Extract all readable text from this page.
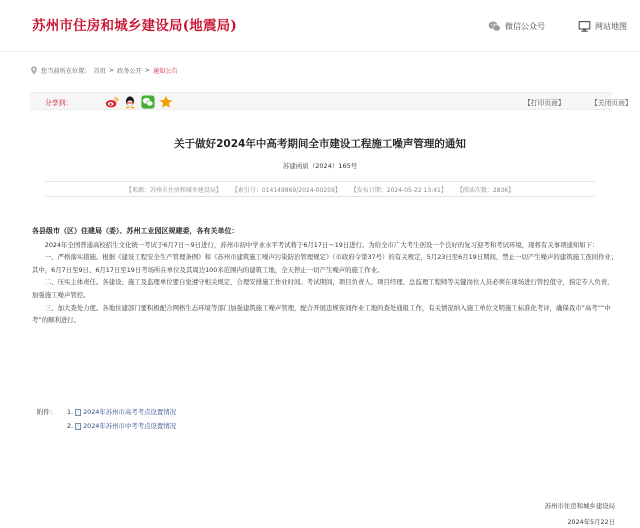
苏州市住房和城乡建设局(地震局)	微信公众号	网站地图
您当前所在位置： 首页 > 政务公开 > 通知公告
分享到：	【打印页面】	【关闭页面】
关于做好2024年中高考期间全市建设工程施工噪声管理的通知
苏建函质（2024）165号
【来源：苏州市住房和城乡建设局】 【索引号：014149869/2024-00259】 【发布日期：2024-05-22 13:41】 【阅读次数：2836】
各县级市（区）住建局（委）、苏州工业园区规建委，各有关单位：

2024年全国普通高校招生文化统一考试于6月7日～9日进行，苏州市初中学业水平考试将于6月17日～19日进行。为给全市广大考生创设一个良好的复习迎考和考试环境，现将有关事项通知如下：

一、严格落实措施。根据《建设工程安全生产管理条例》和《苏州市建筑施工噪声污染防治管理规定》（市政府令第37号）的有关规定，5月23日至6月19日期间，禁止一切产生噪声的建筑施工夜间作业；其中，6月7日至9日、6月17日至19日考场所在单位及其周边100米范围内的建筑工地，全天停止一切产生噪声的施工作业。

二、压实主体责任。各建设、施工及监理单位要自觉遵守相关规定，合理安排施工作业时间。考试期间，项目负责人、项目经理、总监理工程师等关键岗位人员必须在现场进行管控值守，指定专人负责，加强施工噪声管控。

三、加大查处力度。各地住建部门要积极配合网格生态环境等部门加强建筑施工噪声管理，配合开展违规夜间作业工地的查处通报工作，有关情况纳入施工单位文明施工标准化考评，确保我市“高考”“中考”的顺利进行。

附件：	1. 2024年苏州市高考考点设置情况
2. 2024年苏州市中考考点设置情况
苏州市住房和城乡建设局
2024年5月22日
